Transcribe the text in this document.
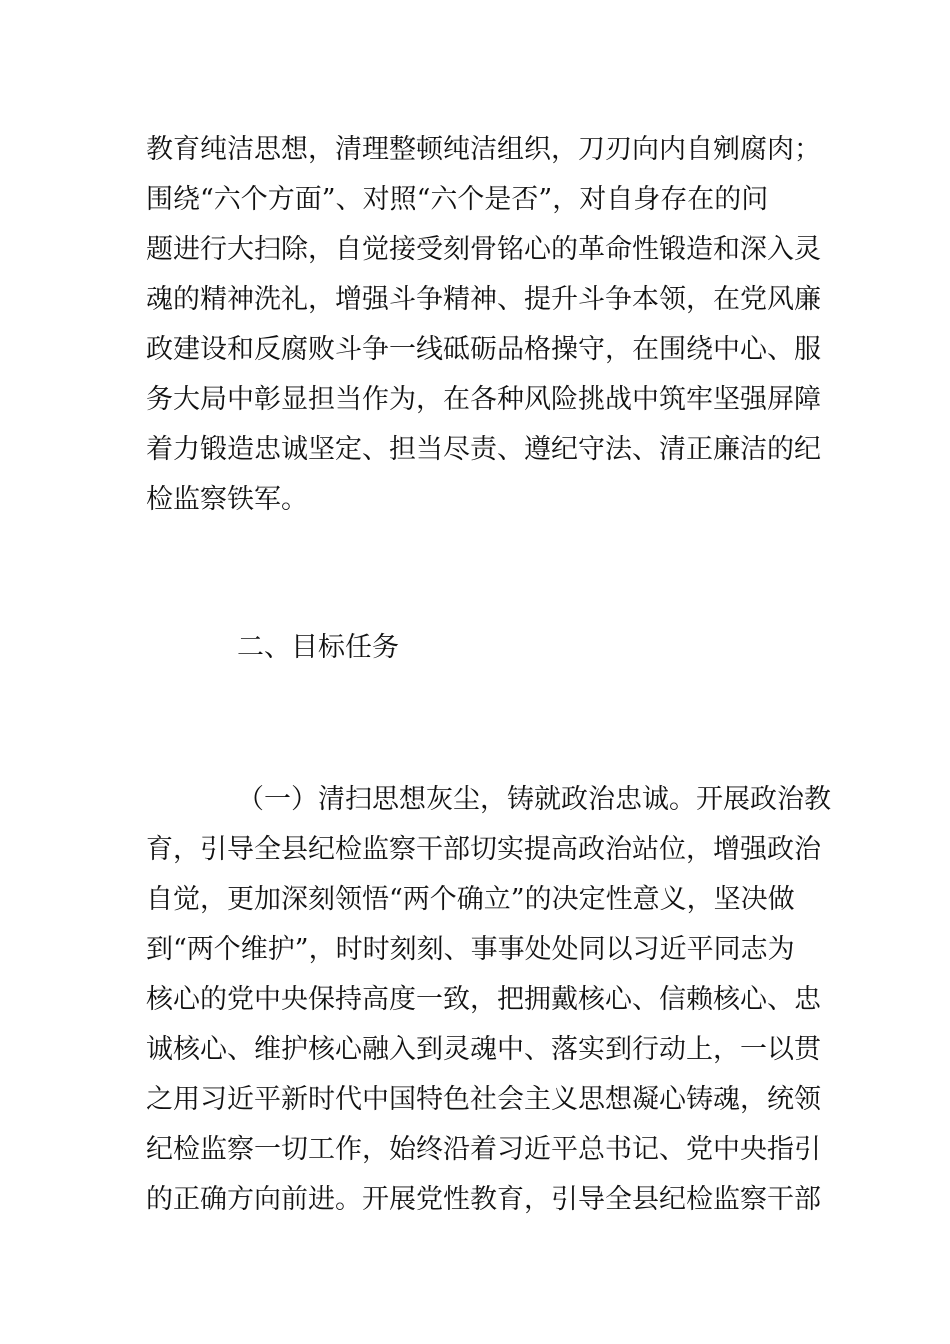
教育纯洁思想，清理整顿纯洁组织，刀刃向内自剜腐肉；
围绕“六个方面”、对照“六个是否”，对自身存在的问
题进行大扫除，自觉接受刻骨铭心的革命性锻造和深入灵
魂的精神洗礼，增强斗争精神、提升斗争本领，在党风廉
政建设和反腐败斗争一线砥砺品格操守，在围绕中心、服
务大局中彰显担当作为，在各种风险挑战中筑牢坚强屏障
着力锻造忠诚坚定、担当尽责、遵纪守法、清正廉洁的纪
检监察铁军。
二、目标任务
（一）清扫思想灰尘，铸就政治忠诚。开展政治教
育，引导全县纪检监察干部切实提高政治站位，增强政治
自觉，更加深刻领悟“两个确立”的决定性意义，坚决做
到“两个维护”，时时刻刻、事事处处同以习近平同志为
核心的党中央保持高度一致，把拥戴核心、信赖核心、忠
诚核心、维护核心融入到灵魂中、落实到行动上，一以贯
之用习近平新时代中国特色社会主义思想凝心铸魂，统领
纪检监察一切工作，始终沿着习近平总书记、党中央指引
的正确方向前进。开展党性教育，引导全县纪检监察干部
